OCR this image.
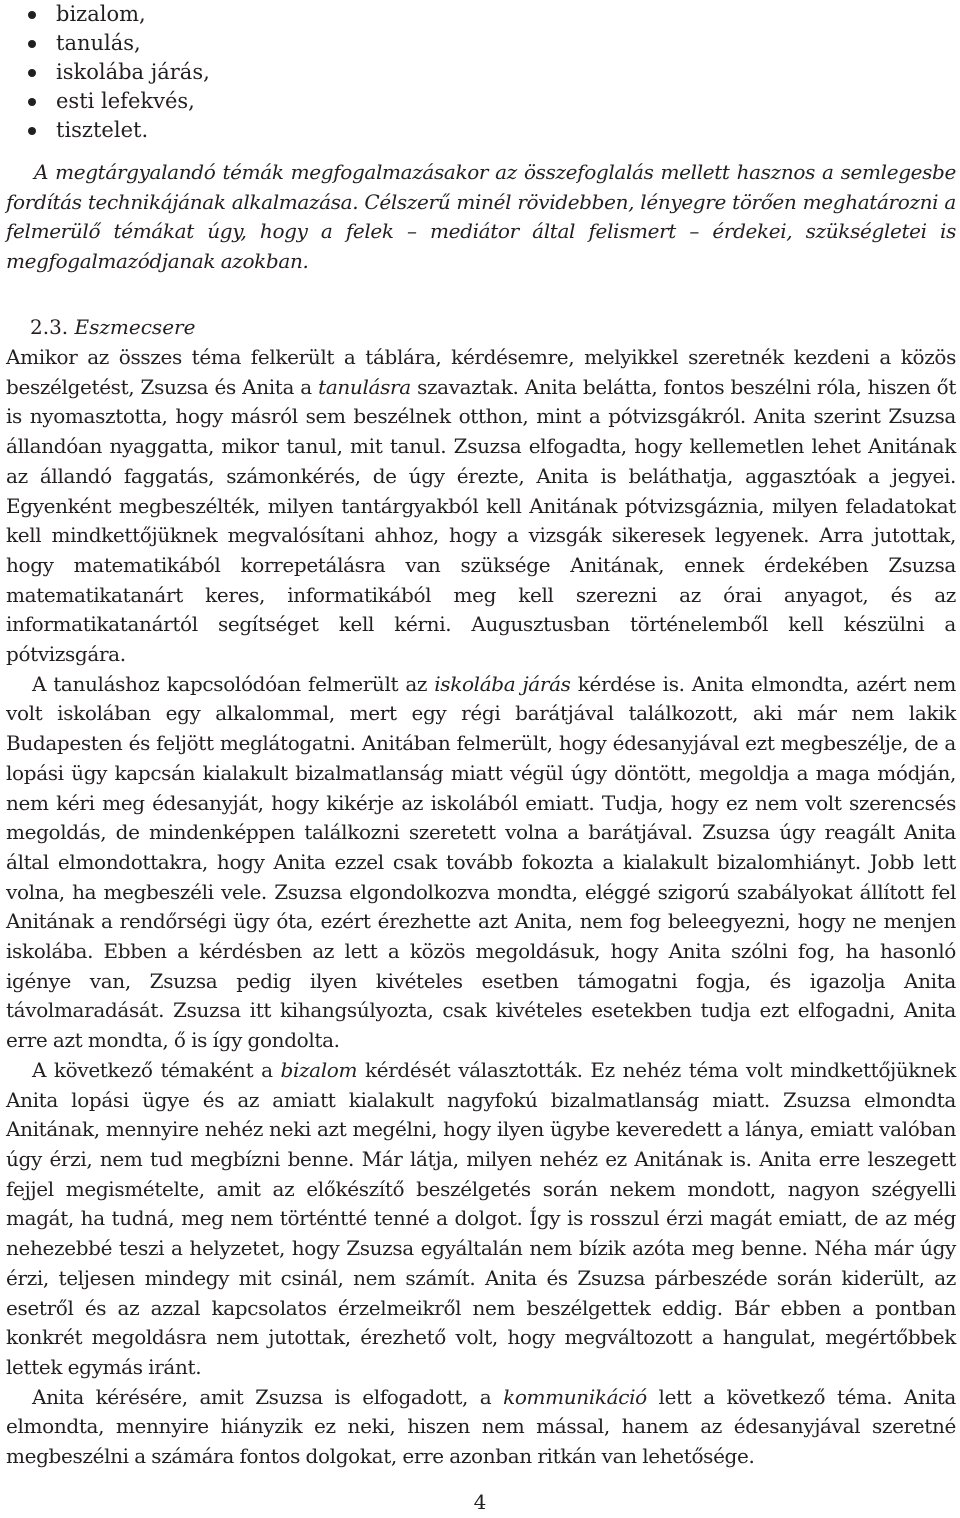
bizalom,
tanulás,
iskolába járás,
esti lefekvés,
tisztelet.
A megtárgyalandó témák megfogalmazásakor az összefoglalás mellett hasznos a semlegesbe fordítás technikájának alkalmazása. Célszerű minél rövidebben, lényegre törően meghatározni a felmerülő témákat úgy, hogy a felek – mediátor által felismert – érdekei, szükségletei is megfogalmazódjanak azokban.
2.3. Eszmecsere

Amikor az összes téma felkerült a táblára, kérdésemre, melyikkel szeretnék kezdeni a közös beszélgetést, Zsuzsa és Anita a tanulásra szavaztak. Anita belátta, fontos beszélni róla, hiszen őt is nyomasztotta, hogy másról sem beszélnek otthon, mint a pótvizsgákról. Anita szerint Zsuzsa állandóan nyaggatta, mikor tanul, mit tanul. Zsuzsa elfogadta, hogy kellemetlen lehet Anitának az állandó faggatás, számonkérés, de úgy érezte, Anita is beláthatja, aggasztóak a jegyei. Egyenként megbeszélték, milyen tantárgyakból kell Anitának pótvizsgáznia, milyen feladatokat kell mindkettőjüknek megvalósítani ahhoz, hogy a vizsgák sikeresek legyenek. Arra jutottak, hogy matematikából korrepetálásra van szüksége Anitának, ennek érdekében Zsuzsa matematikatanárt keres, informatikából meg kell szerezni az órai anyagot, és az informatikatanártól segítséget kell kérni. Augusztusban történelemből kell készülni a pótvizsgára.

A tanuláshoz kapcsolódóan felmerült az iskolába járás kérdése is. Anita elmondta, azért nem volt iskolában egy alkalommal, mert egy régi barátjával találkozott, aki már nem lakik Budapesten és feljött meglátogatni. Anitában felmerült, hogy édesanyjával ezt megbeszélje, de a lopási ügy kapcsán kialakult bizalmatlanság miatt végül úgy döntött, megoldja a maga módján, nem kéri meg édesanyját, hogy kikérje az iskolából emiatt. Tudja, hogy ez nem volt szerencsés megoldás, de mindenképpen találkozni szeretett volna a barátjával. Zsuzsa úgy reagált Anita által elmondottakra, hogy Anita ezzel csak tovább fokozta a kialakult bizalomhiányt. Jobb lett volna, ha megbeszéli vele. Zsuzsa elgondolkozva mondta, eléggé szigorú szabályokat állított fel Anitának a rendőrségi ügy óta, ezért érezhette azt Anita, nem fog beleegyezni, hogy ne menjen iskolába. Ebben a kérdésben az lett a közös megoldásuk, hogy Anita szólni fog, ha hasonló igénye van, Zsuzsa pedig ilyen kivételes esetben támogatni fogja, és igazolja Anita távolmaradását. Zsuzsa itt kihangsúlyozta, csak kivételes esetekben tudja ezt elfogadni, Anita erre azt mondta, ő is így gondolta.

A következő témaként a bizalom kérdését választották. Ez nehéz téma volt mindkettőjüknek Anita lopási ügye és az amiatt kialakult nagyfokú bizalmatlanság miatt. Zsuzsa elmondta Anitának, mennyire nehéz neki azt megélni, hogy ilyen ügybe keveredett a lánya, emiatt valóban úgy érzi, nem tud megbízni benne. Már látja, milyen nehéz ez Anitának is. Anita erre leszegett fejjel megismételte, amit az előkészítő beszélgetés során nekem mondott, nagyon szégyelli magát, ha tudná, meg nem történtté tenné a dolgot. Így is rosszul érzi magát emiatt, de az még nehezebbé teszi a helyzetet, hogy Zsuzsa egyáltalán nem bízik azóta meg benne. Néha már úgy érzi, teljesen mindegy mit csinál, nem számít. Anita és Zsuzsa párbeszéde során kiderült, az esetről és az azzal kapcsolatos érzelmeikről nem beszélgettek eddig. Bár ebben a pontban konkrét megoldásra nem jutottak, érezhető volt, hogy megváltozott a hangulat, megértőbbek lettek egymás iránt.

Anita kérésére, amit Zsuzsa is elfogadott, a kommunikáció lett a következő téma. Anita elmondta, mennyire hiányzik ez neki, hiszen nem mással, hanem az édesanyjával szeretné megbeszélni a számára fontos dolgokat, erre azonban ritkán van lehetősége.

4
